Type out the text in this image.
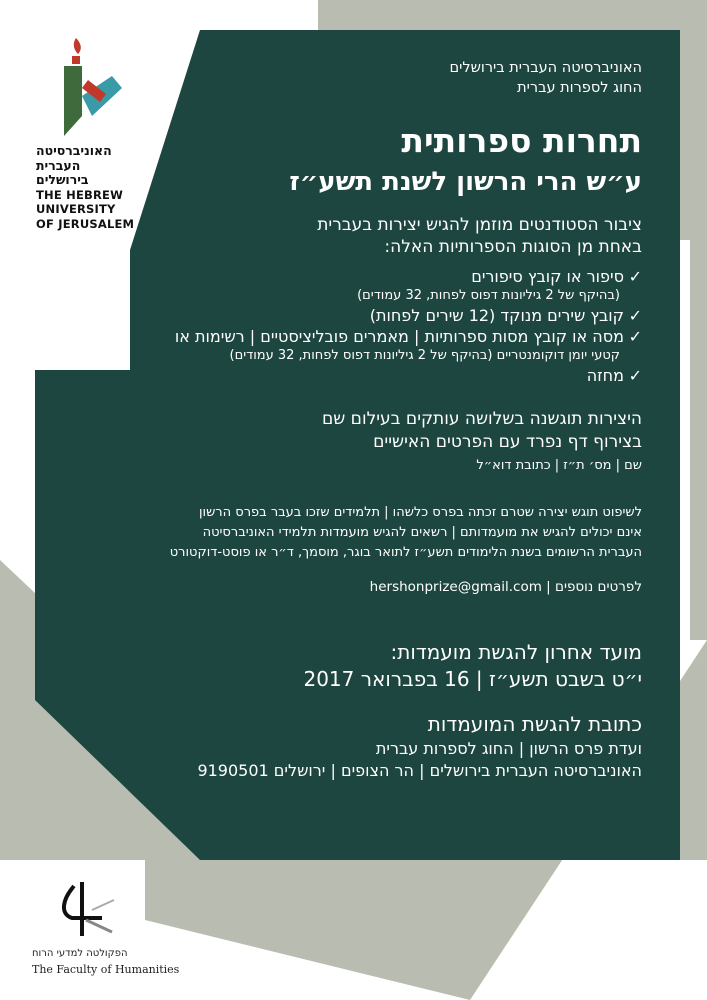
האוניברסיטה
העברית
בירושלים
THE HEBREW
UNIVERSITY
OF JERUSALEM
האוניברסיטה העברית בירושלים
החוג לספרות עברית
תחרות ספרותית
ע״ש הרי הרשון לשנת תשע״ז
ציבור הסטודנטים מוזמן להגיש יצירות בעברית
באחת מן הסוגות הספרותיות האלה:
✓סיפור או קובץ סיפורים
(בהיקף של 2 גיליונות דפוס לפחות, 32 עמודים)
✓קובץ שירים מנוקד (12 שירים לפחות)
✓מסה או קובץ מסות ספרותיות | מאמרים פובליציסטיים | רשימות או
קטעי יומן דוקומנטריים (בהיקף של 2 גיליונות דפוס לפחות, 32 עמודים)
✓מחזה
היצירות תוגשנה בשלושה עותקים בעילום שם
בצירוף דף נפרד עם הפרטים האישיים
שם | מס׳ ת״ז | כתובת דוא״ל
לשיפוט תוגש יצירה שטרם זכתה בפרס כלשהו | תלמידים שזכו בעבר בפרס הרשון
אינם יכולים להגיש את מועמדותם | רשאים להגיש מועמדות תלמידי האוניברסיטה
העברית הרשומים בשנת הלימודים תשע״ז לתואר בוגר, מוסמך, ד״ר או פוסט-דוקטורט
לפרטים נוספים | hershonprize@gmail.com
מועד אחרון להגשת מועמדות:
י״ט בשבט תשע״ז | 16 בפברואר 2017
כתובת להגשת המועמדות
ועדת פרס הרשון | החוג לספרות עברית
האוניברסיטה העברית בירושלים | הר הצופים | ירושלים 9190501
הפקולטה למדעי הרוח
The Faculty of Humanities
